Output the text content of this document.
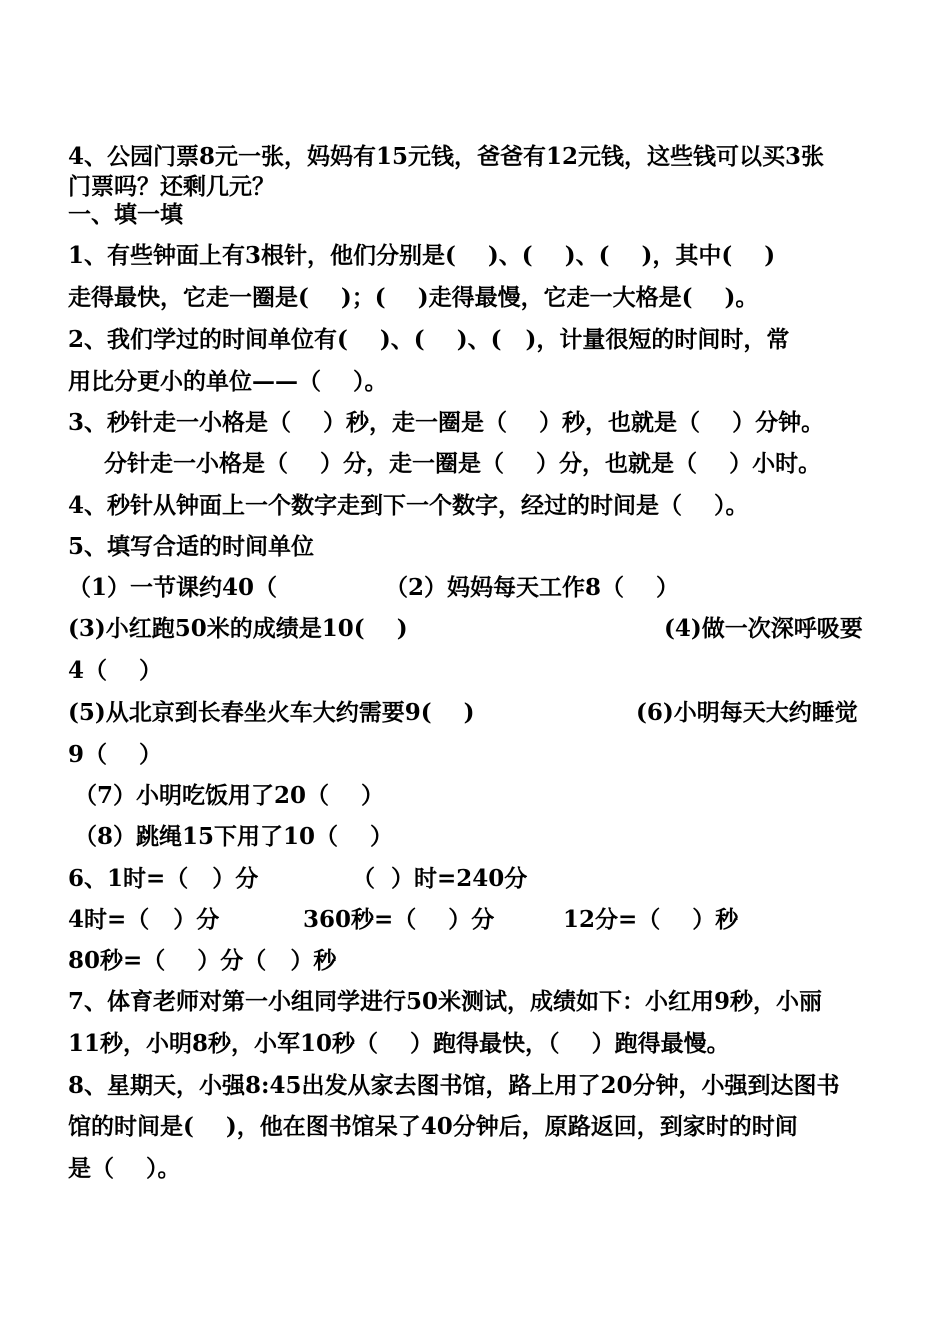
4、公园门票8元一张，妈妈有15元钱，爸爸有12元钱，这些钱可以买3张
门票吗？还剩几元？
一、填一填
1、有些钟面上有3根针，他们分别是(    )、(    )、(    )，其中(    )
走得最快，它走一圈是(    )；(    )走得最慢，它走一大格是(    )。
2、我们学过的时间单位有(    )、(    )、(   )，计量很短的时间时，常
用比分更小的单位——（    ）。
3、秒针走一小格是（    ）秒，走一圈是（    ）秒，也就是（    ）分钟。
分针走一小格是（    ）分，走一圈是（    ）分，也就是（    ）小时。
4、秒针从钟面上一个数字走到下一个数字，经过的时间是（    ）。
5、填写合适的时间单位
（1）一节课约40（	（2）妈妈每天工作8（    ）
(3)小红跑50米的成绩是10(    )	(4)做一次深呼吸要
4（    ）
(5)从北京到长春坐火车大约需要9(    )	(6)小明每天大约睡觉
9（    ）
（7）小明吃饭用了20（    ）
（8）跳绳15下用了10（    ）
6、1时=（   ）分	（  ）时=240分
4时=（   ）分	360秒=（    ）分	12分=（    ）秒
80秒=（    ）分（   ）秒
7、体育老师对第一小组同学进行50米测试，成绩如下：小红用9秒，小丽
11秒，小明8秒，小军10秒（    ）跑得最快，（    ）跑得最慢。
8、星期天，小强8:45出发从家去图书馆，路上用了20分钟，小强到达图书
馆的时间是(    )，他在图书馆呆了40分钟后，原路返回，到家时的时间
是（    ）。
